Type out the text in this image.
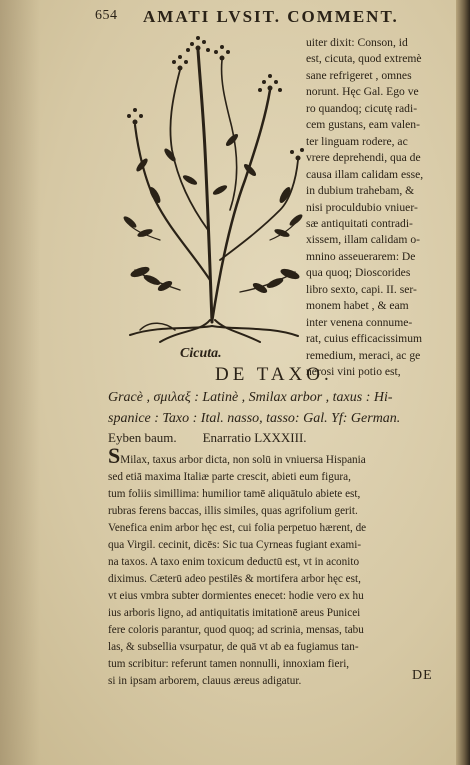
654 AMATI LVSIT. COMMENT.
Cicuta.
uiter dixit: Conson, id
est, cicuta, quod extremè
sane refrigeret , omnes
norunt. Hęc Gal. Ego ve
ro quandoq; cicutę radi-
cem gustans, eam valen-
ter linguam rodere, ac
vrere deprehendi, qua de
causa illam calidam esse,
in dubium trahebam, &
nisi proculdubio vniuer-
sæ antiquitati contradi-
xissem, illam calidam o-
mnino asseuerarem: De
qua quoq; Dioscorides
libro sexto, capi. II. ser-
monem habet , & eam
inter venena connume-
rat, cuius efficacissimum
remedium, meraci, ac ge
nerosi vini potio est,
DE TAXO.
Gracè , σμιλαξ : Latinè , Smilax arbor , taxus : Hi-
spanice : Taxo : Ital. nasso, tasso: Gal. Yf: German.
Eyben baum. Enarratio LXXXIII.
SMilax, taxus arbor dicta, non solū in vniuersa Hispania
sed etiā maxima Italiæ parte crescit, abieti eum figura,
tum foliis simillima: humilior tamē aliquātulo abiete est,
rubras ferens baccas, illis similes, quas agrifolium gerit.
Venefica enim arbor hęc est, cui folia perpetuo hærent, de
qua Virgil. cecinit, dicēs: Sic tua Cyrneas fugiant exami-
na taxos. A taxo enim toxicum deductū est, vt in aconito
diximus. Cæterū adeo pestilēs & mortifera arbor hęc est,
vt eius vmbra subter dormientes enecet: hodie vero ex hu
ius arboris ligno, ad antiquitatis imitationē areus Punicei
fere coloris parantur, quod quoq; ad scrinia, mensas, tabu
las, & subsellia vsurpatur, de quā vt ab ea fugiamus tan-
tum scribitur: referunt tamen nonnulli, innoxiam fieri,
si in ipsam arborem, clauus æreus adigatur.	DE
